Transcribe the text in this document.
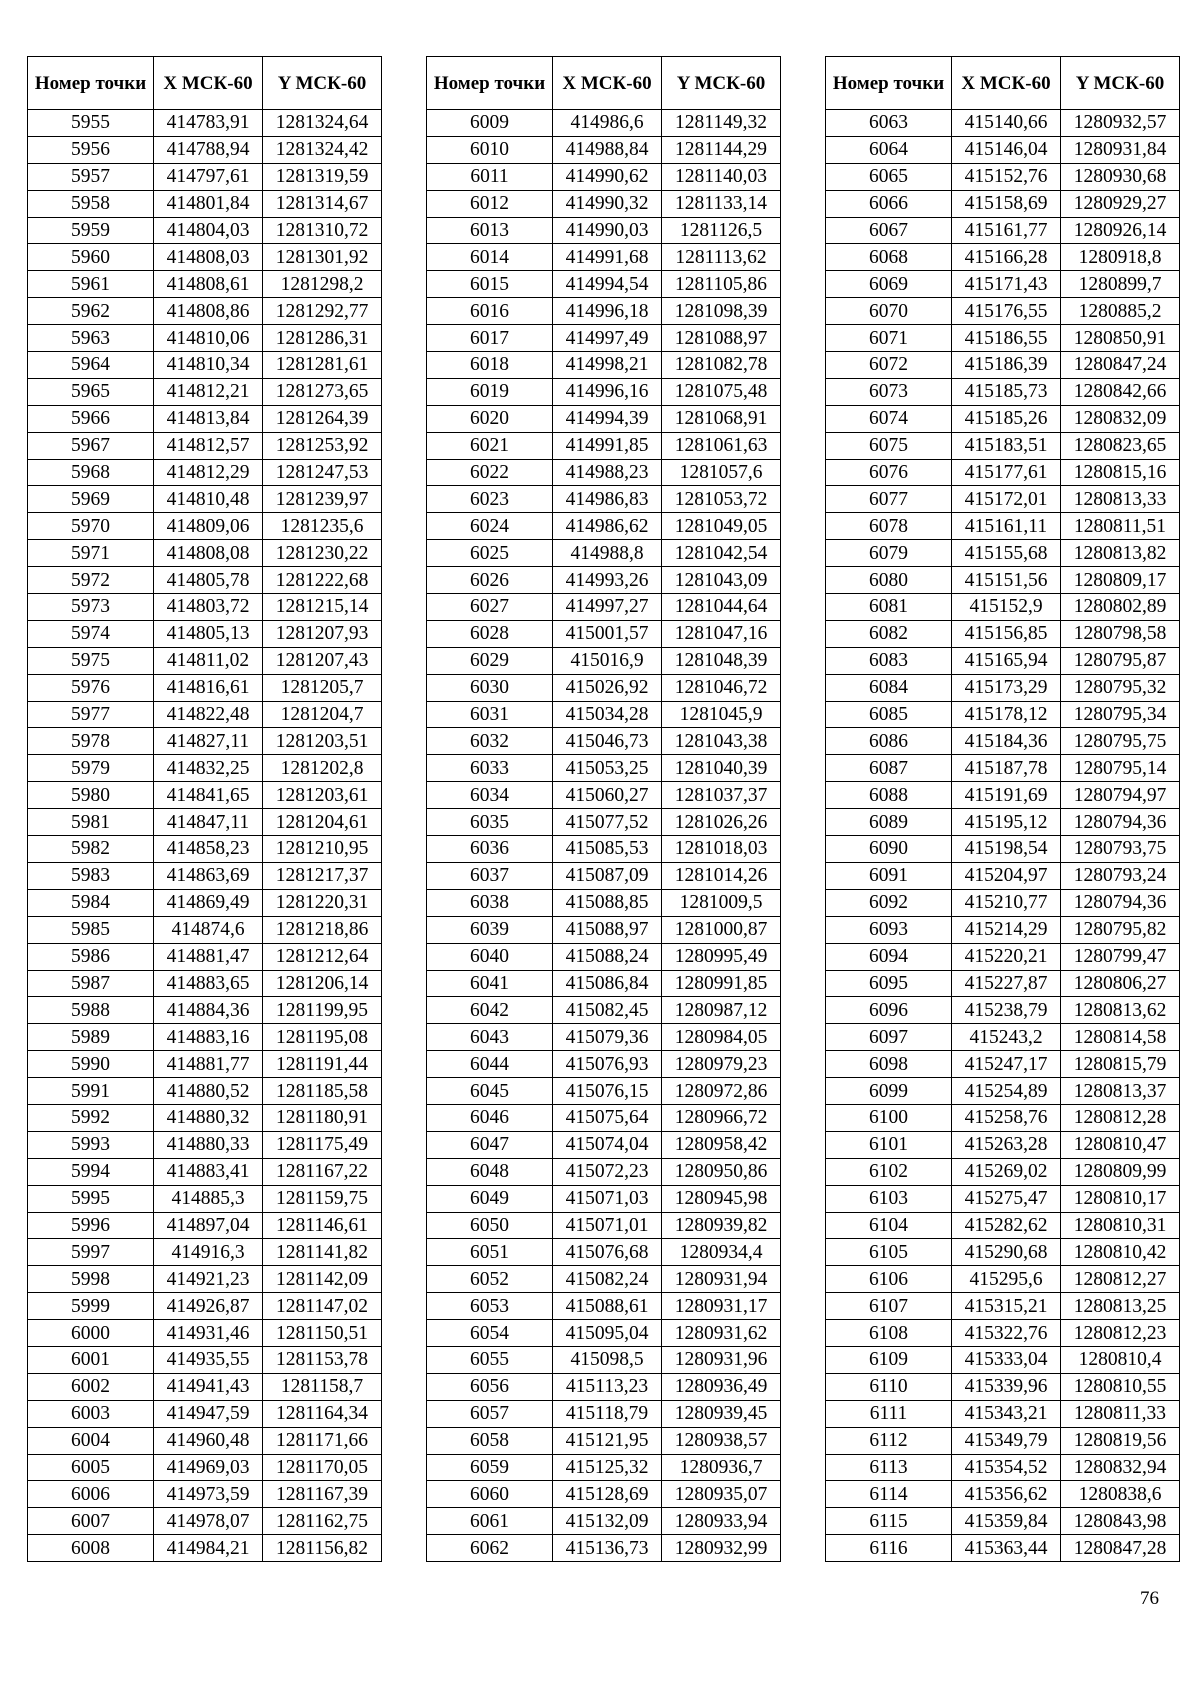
Номер точки	X МСК-60	Y МСК-60
5955	414783,91	1281324,64
5956	414788,94	1281324,42
5957	414797,61	1281319,59
5958	414801,84	1281314,67
5959	414804,03	1281310,72
5960	414808,03	1281301,92
5961	414808,61	1281298,2
5962	414808,86	1281292,77
5963	414810,06	1281286,31
5964	414810,34	1281281,61
5965	414812,21	1281273,65
5966	414813,84	1281264,39
5967	414812,57	1281253,92
5968	414812,29	1281247,53
5969	414810,48	1281239,97
5970	414809,06	1281235,6
5971	414808,08	1281230,22
5972	414805,78	1281222,68
5973	414803,72	1281215,14
5974	414805,13	1281207,93
5975	414811,02	1281207,43
5976	414816,61	1281205,7
5977	414822,48	1281204,7
5978	414827,11	1281203,51
5979	414832,25	1281202,8
5980	414841,65	1281203,61
5981	414847,11	1281204,61
5982	414858,23	1281210,95
5983	414863,69	1281217,37
5984	414869,49	1281220,31
5985	414874,6	1281218,86
5986	414881,47	1281212,64
5987	414883,65	1281206,14
5988	414884,36	1281199,95
5989	414883,16	1281195,08
5990	414881,77	1281191,44
5991	414880,52	1281185,58
5992	414880,32	1281180,91
5993	414880,33	1281175,49
5994	414883,41	1281167,22
5995	414885,3	1281159,75
5996	414897,04	1281146,61
5997	414916,3	1281141,82
5998	414921,23	1281142,09
5999	414926,87	1281147,02
6000	414931,46	1281150,51
6001	414935,55	1281153,78
6002	414941,43	1281158,7
6003	414947,59	1281164,34
6004	414960,48	1281171,66
6005	414969,03	1281170,05
6006	414973,59	1281167,39
6007	414978,07	1281162,75
6008	414984,21	1281156,82
Номер точки	X МСК-60	Y МСК-60
6009	414986,6	1281149,32
6010	414988,84	1281144,29
6011	414990,62	1281140,03
6012	414990,32	1281133,14
6013	414990,03	1281126,5
6014	414991,68	1281113,62
6015	414994,54	1281105,86
6016	414996,18	1281098,39
6017	414997,49	1281088,97
6018	414998,21	1281082,78
6019	414996,16	1281075,48
6020	414994,39	1281068,91
6021	414991,85	1281061,63
6022	414988,23	1281057,6
6023	414986,83	1281053,72
6024	414986,62	1281049,05
6025	414988,8	1281042,54
6026	414993,26	1281043,09
6027	414997,27	1281044,64
6028	415001,57	1281047,16
6029	415016,9	1281048,39
6030	415026,92	1281046,72
6031	415034,28	1281045,9
6032	415046,73	1281043,38
6033	415053,25	1281040,39
6034	415060,27	1281037,37
6035	415077,52	1281026,26
6036	415085,53	1281018,03
6037	415087,09	1281014,26
6038	415088,85	1281009,5
6039	415088,97	1281000,87
6040	415088,24	1280995,49
6041	415086,84	1280991,85
6042	415082,45	1280987,12
6043	415079,36	1280984,05
6044	415076,93	1280979,23
6045	415076,15	1280972,86
6046	415075,64	1280966,72
6047	415074,04	1280958,42
6048	415072,23	1280950,86
6049	415071,03	1280945,98
6050	415071,01	1280939,82
6051	415076,68	1280934,4
6052	415082,24	1280931,94
6053	415088,61	1280931,17
6054	415095,04	1280931,62
6055	415098,5	1280931,96
6056	415113,23	1280936,49
6057	415118,79	1280939,45
6058	415121,95	1280938,57
6059	415125,32	1280936,7
6060	415128,69	1280935,07
6061	415132,09	1280933,94
6062	415136,73	1280932,99
Номер точки	X МСК-60	Y МСК-60
6063	415140,66	1280932,57
6064	415146,04	1280931,84
6065	415152,76	1280930,68
6066	415158,69	1280929,27
6067	415161,77	1280926,14
6068	415166,28	1280918,8
6069	415171,43	1280899,7
6070	415176,55	1280885,2
6071	415186,55	1280850,91
6072	415186,39	1280847,24
6073	415185,73	1280842,66
6074	415185,26	1280832,09
6075	415183,51	1280823,65
6076	415177,61	1280815,16
6077	415172,01	1280813,33
6078	415161,11	1280811,51
6079	415155,68	1280813,82
6080	415151,56	1280809,17
6081	415152,9	1280802,89
6082	415156,85	1280798,58
6083	415165,94	1280795,87
6084	415173,29	1280795,32
6085	415178,12	1280795,34
6086	415184,36	1280795,75
6087	415187,78	1280795,14
6088	415191,69	1280794,97
6089	415195,12	1280794,36
6090	415198,54	1280793,75
6091	415204,97	1280793,24
6092	415210,77	1280794,36
6093	415214,29	1280795,82
6094	415220,21	1280799,47
6095	415227,87	1280806,27
6096	415238,79	1280813,62
6097	415243,2	1280814,58
6098	415247,17	1280815,79
6099	415254,89	1280813,37
6100	415258,76	1280812,28
6101	415263,28	1280810,47
6102	415269,02	1280809,99
6103	415275,47	1280810,17
6104	415282,62	1280810,31
6105	415290,68	1280810,42
6106	415295,6	1280812,27
6107	415315,21	1280813,25
6108	415322,76	1280812,23
6109	415333,04	1280810,4
6110	415339,96	1280810,55
6111	415343,21	1280811,33
6112	415349,79	1280819,56
6113	415354,52	1280832,94
6114	415356,62	1280838,6
6115	415359,84	1280843,98
6116	415363,44	1280847,28
76
